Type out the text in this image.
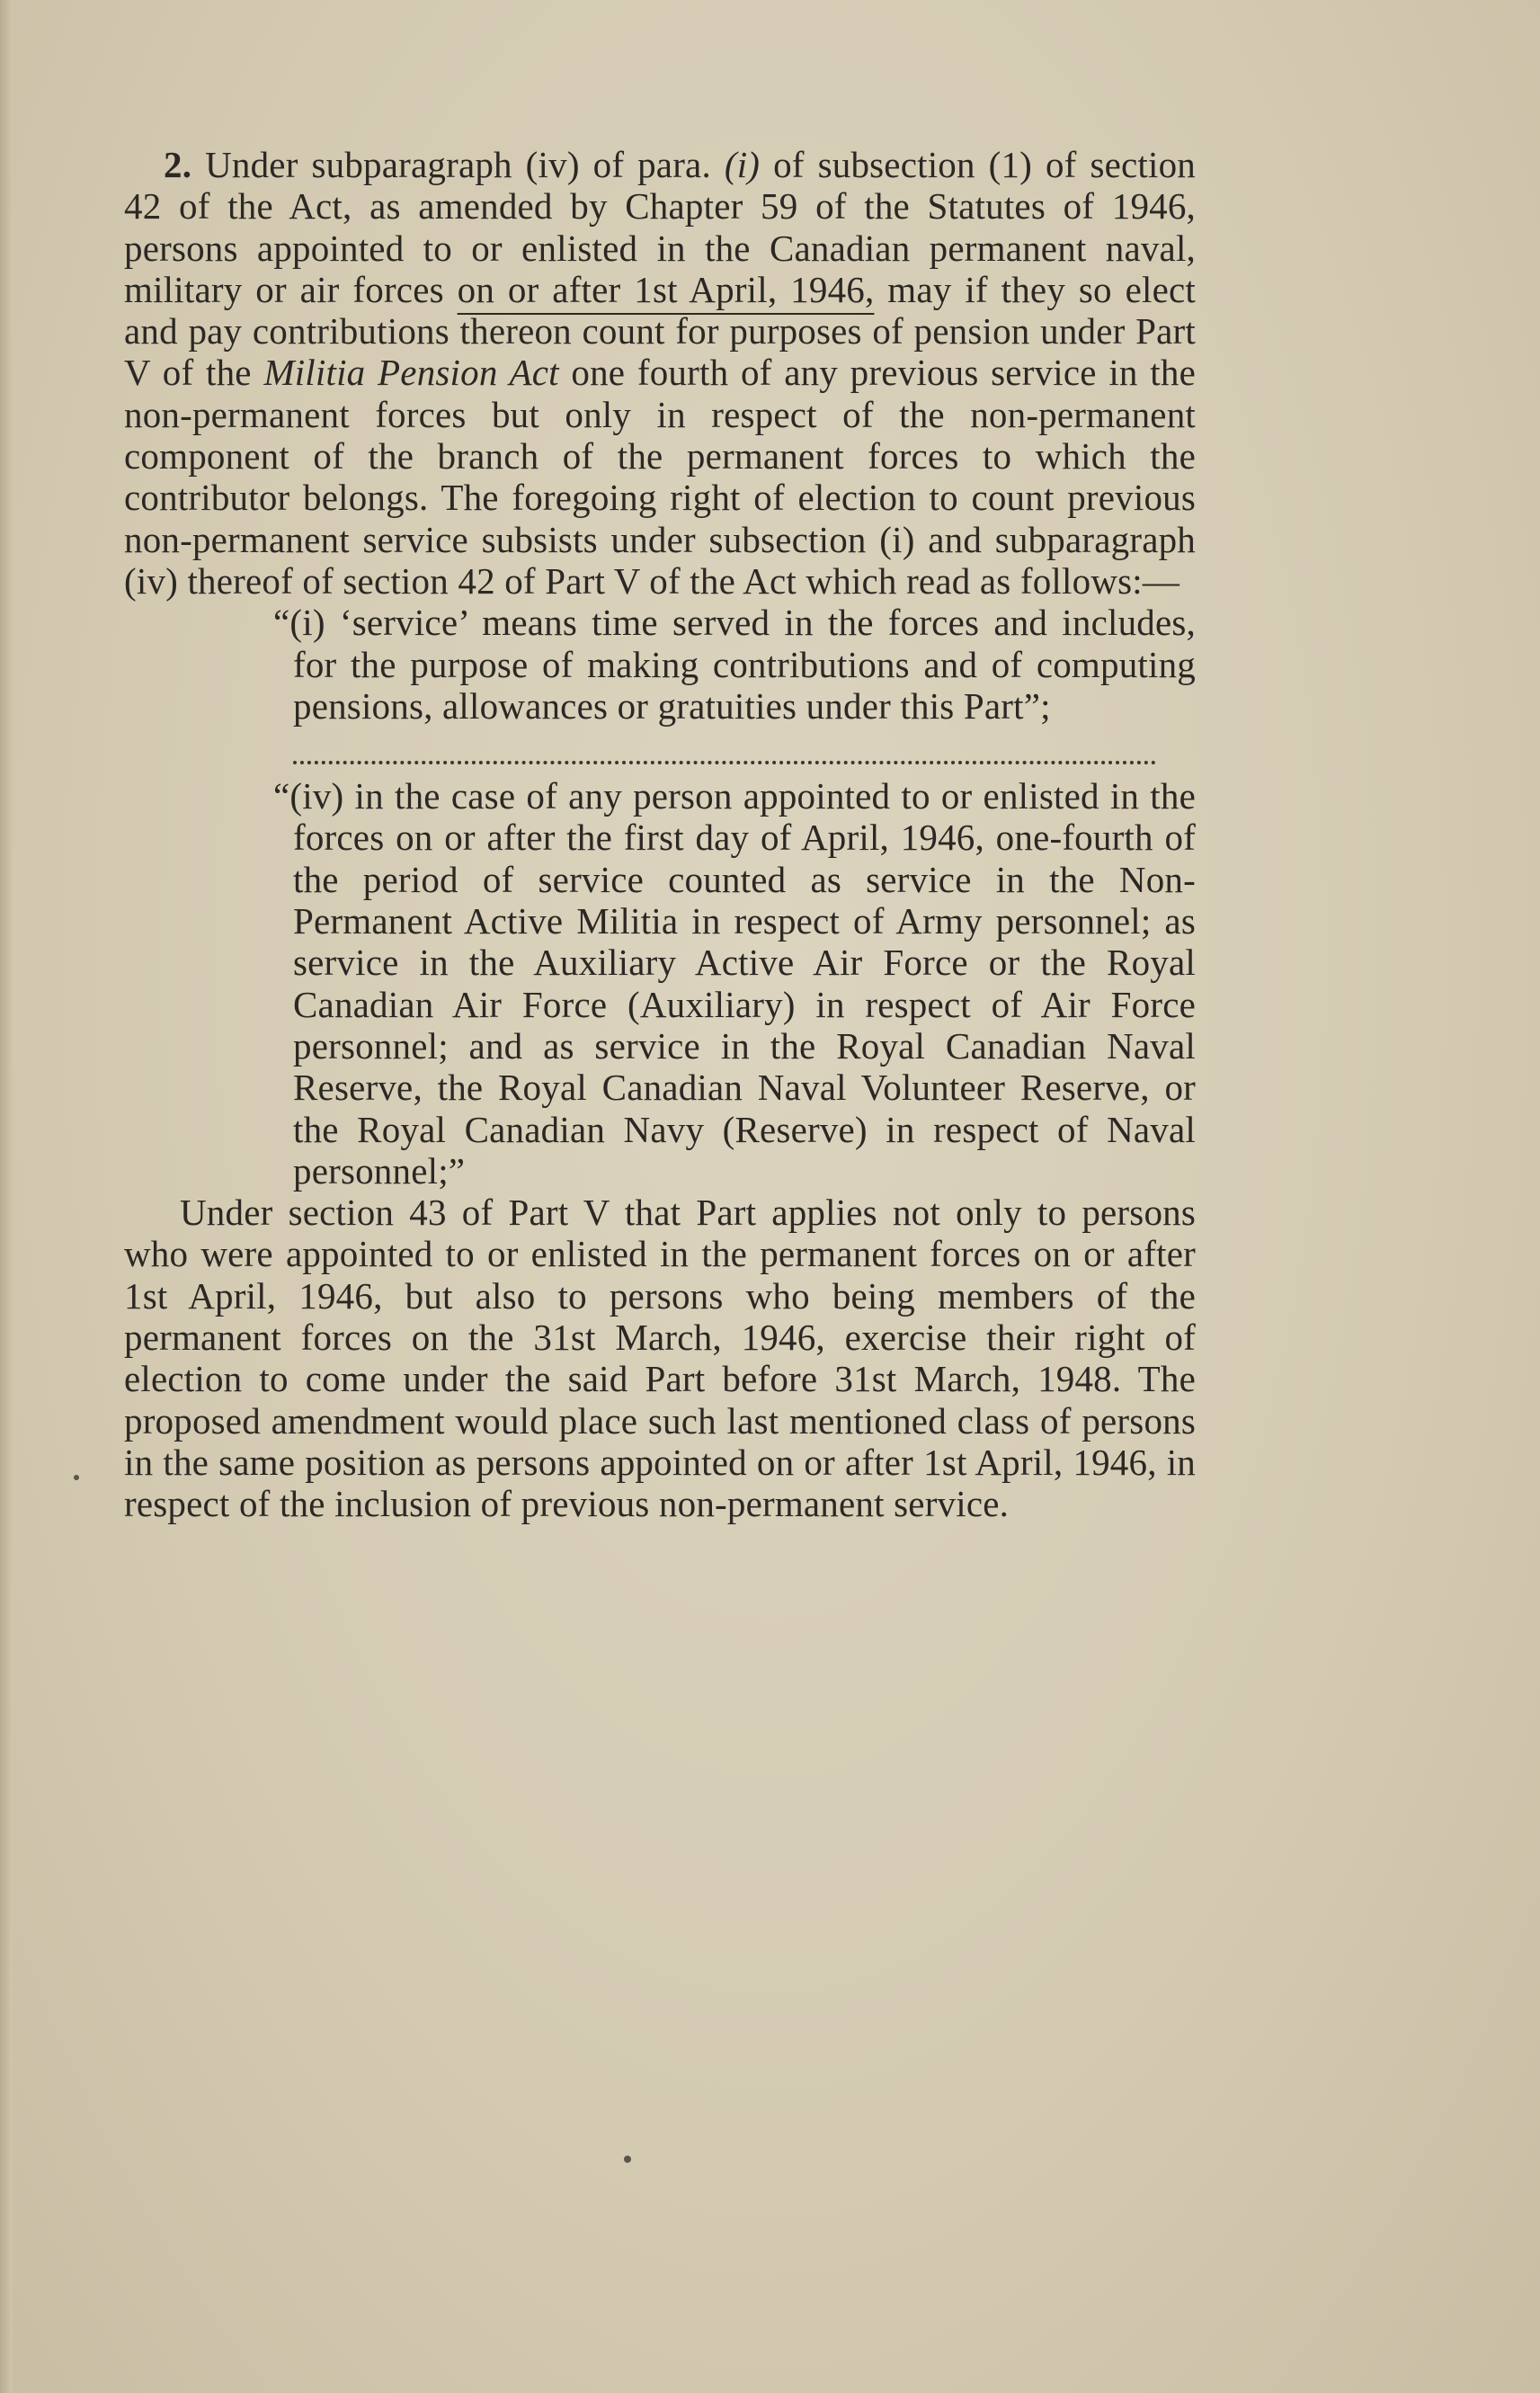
2. Under subparagraph (iv) of para. (i) of subsection (1) of section 42 of the Act, as amended by Chapter 59 of the Statutes of 1946, persons appointed to or enlisted in the Canadian permanent naval, military or air forces on or after 1st April, 1946, may if they so elect and pay contributions thereon count for purposes of pension under Part V of the Militia Pension Act one fourth of any previous service in the non-permanent forces but only in respect of the non-permanent component of the branch of the permanent forces to which the contributor belongs. The foregoing right of election to count previous non-permanent service subsists under subsection (i) and subparagraph (iv) thereof of section 42 of Part V of the Act which read as follows:—

“(i) ‘service’ means time served in the forces and includes, for the purpose of making contributions and of computing pensions, allowances or gratuities under this Part”;

“(iv) in the case of any person appointed to or enlisted in the forces on or after the first day of April, 1946, one-fourth of the period of service counted as service in the Non-Permanent Active Militia in respect of Army personnel; as service in the Auxiliary Active Air Force or the Royal Canadian Air Force (Auxiliary) in respect of Air Force personnel; and as service in the Royal Canadian Naval Reserve, the Royal Canadian Naval Volunteer Reserve, or the Royal Canadian Navy (Reserve) in respect of Naval personnel;”

Under section 43 of Part V that Part applies not only to persons who were appointed to or enlisted in the permanent forces on or after 1st April, 1946, but also to persons who being members of the permanent forces on the 31st March, 1946, exercise their right of election to come under the said Part before 31st March, 1948. The proposed amendment would place such last mentioned class of persons in the same position as persons appointed on or after 1st April, 1946, in respect of the inclusion of previous non-permanent service.
